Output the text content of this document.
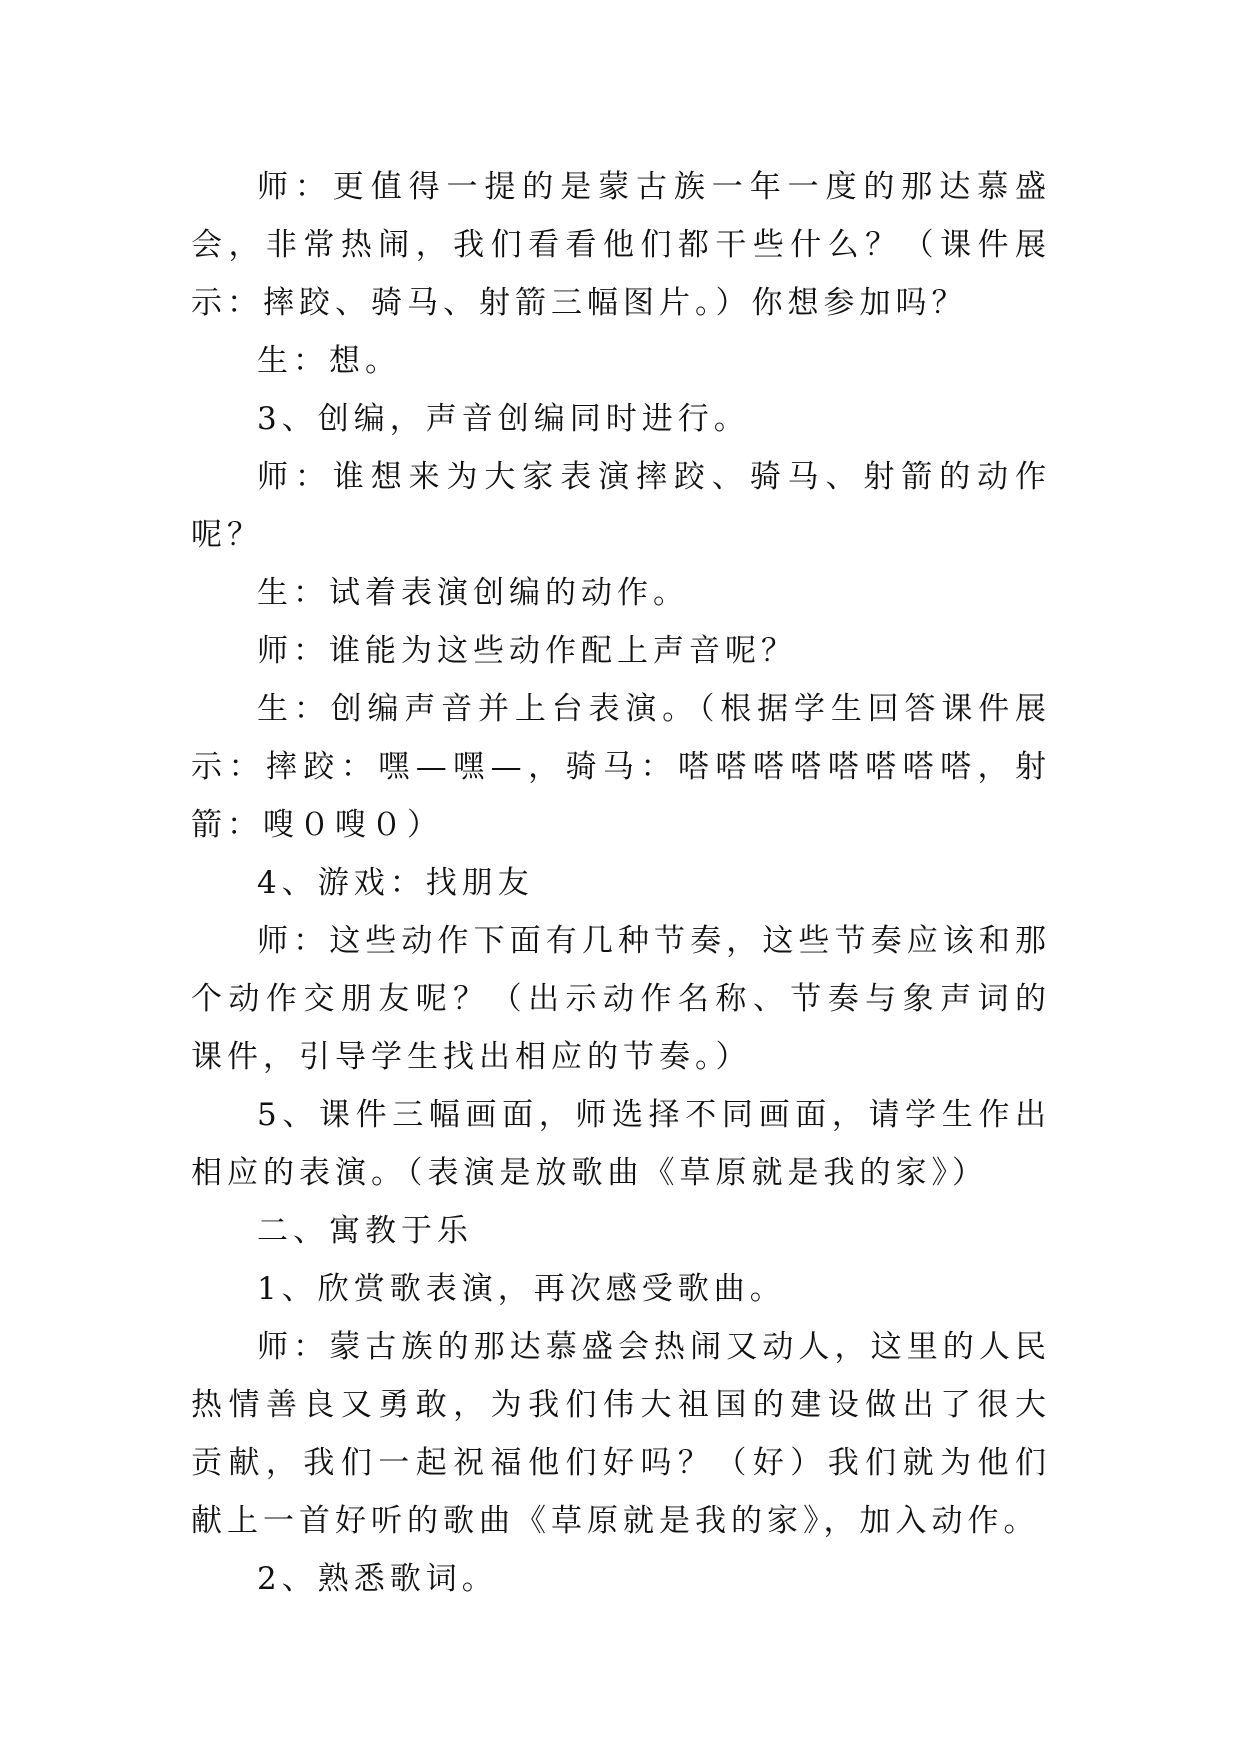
师：更值得一提的是蒙古族一年一度的那达慕盛会，非常热闹，我们看看他们都干些什么？（课件展示：摔跤、骑马、射箭三幅图片。）你想参加吗？

生：想。

3、创编，声音创编同时进行。

师：谁想来为大家表演摔跤、骑马、射箭的动作呢？

生：试着表演创编的动作。

师：谁能为这些动作配上声音呢？

生：创编声音并上台表演。（根据学生回答课件展示：摔跤：嘿—嘿—，骑马：嗒嗒嗒嗒嗒嗒嗒嗒，射箭：嗖０嗖０）

4、游戏：找朋友

师：这些动作下面有几种节奏，这些节奏应该和那个动作交朋友呢？（出示动作名称、节奏与象声词的课件，引导学生找出相应的节奏。）

5、课件三幅画面，师选择不同画面，请学生作出相应的表演。（表演是放歌曲《草原就是我的家》）

二、寓教于乐

1、欣赏歌表演，再次感受歌曲。

师：蒙古族的那达慕盛会热闹又动人，这里的人民热情善良又勇敢，为我们伟大祖国的建设做出了很大贡献，我们一起祝福他们好吗？（好）我们就为他们献上一首好听的歌曲《草原就是我的家》，加入动作。

2、熟悉歌词。
